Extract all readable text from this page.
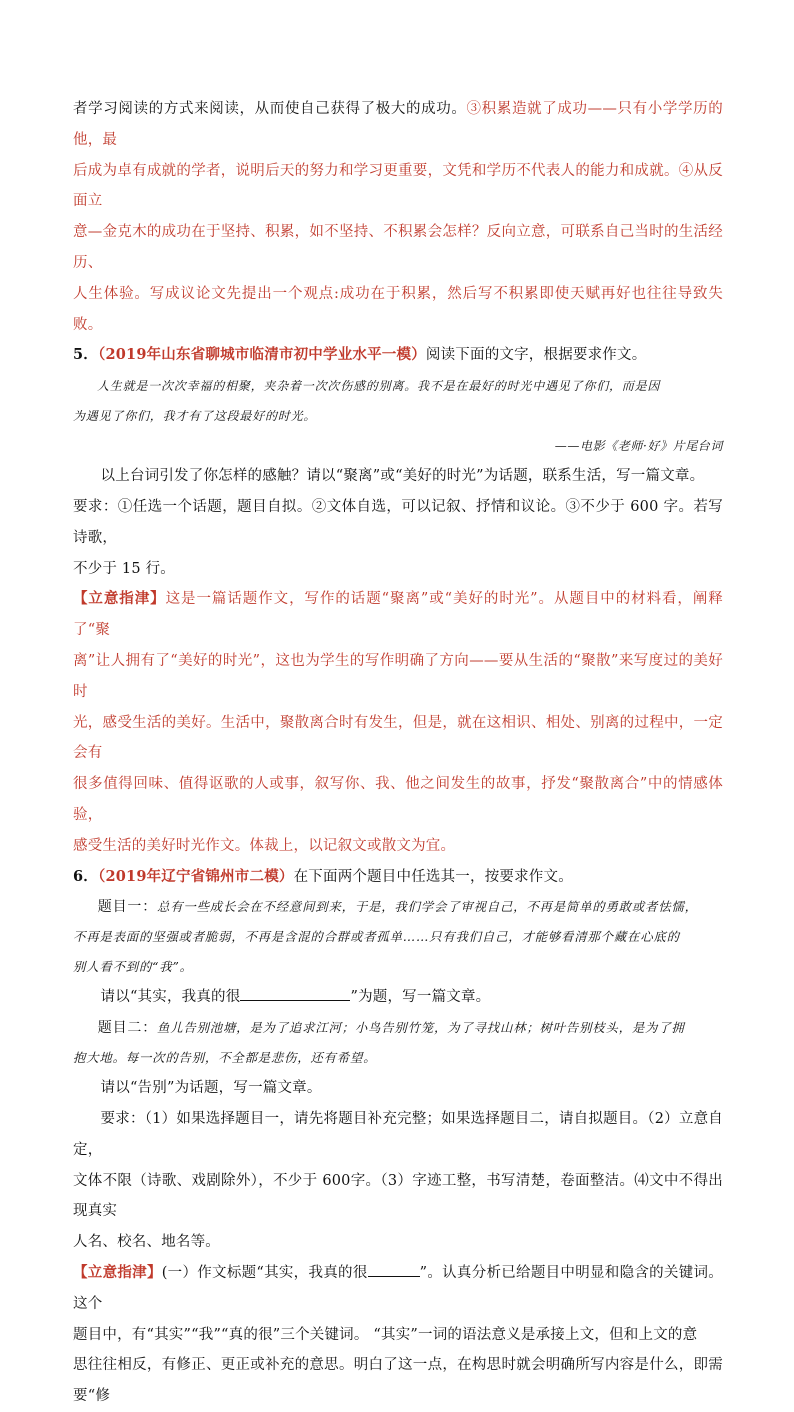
者学习阅读的方式来阅读，从而使自己获得了极大的成功。③积累造就了成功——只有小学学历的他，最
后成为卓有成就的学者，说明后天的努力和学习更重要，文凭和学历不代表人的能力和成就。④从反面立
意—金克木的成功在于坚持、积累，如不坚持、不积累会怎样？反向立意，可联系自己当时的生活经历、
人生体验。写成议论文先提出一个观点:成功在于积累，然后写不积累即使天赋再好也往往导致失败。

5．（2019年山东省聊城市临清市初中学业水平一模）阅读下面的文字，根据要求作文。

人生就是一次次幸福的相聚，夹杂着一次次伤感的别离。我不是在最好的时光中遇见了你们，而是因
为遇见了你们，我才有了这段最好的时光。

——电影《老师·好》片尾台词

以上台词引发了你怎样的感触？请以“聚离”或“美好的时光”为话题，联系生活，写一篇文章。

要求：①任选一个话题，题目自拟。②文体自选，可以记叙、抒情和议论。③不少于 600 字。若写诗歌，
不少于 15 行。

【立意指津】这是一篇话题作文，写作的话题“聚离”或“美好的时光”。从题目中的材料看，阐释了“聚
离”让人拥有了“美好的时光”，这也为学生的写作明确了方向——要从生活的“聚散”来写度过的美好时
光，感受生活的美好。生活中，聚散离合时有发生，但是，就在这相识、相处、别离的过程中，一定会有
很多值得回味、值得讴歌的人或事，叙写你、我、他之间发生的故事，抒发“聚散离合”中的情感体验，
感受生活的美好时光作文。体裁上，以记叙文或散文为宜。

6．（2019年辽宁省锦州市二模）在下面两个题目中任选其一，按要求作文。

题目一：总有一些成长会在不经意间到来，于是，我们学会了审视自己，不再是简单的勇敢或者怯懦，

不再是表面的坚强或者脆弱，不再是含混的合群或者孤单……只有我们自己，才能够看清那个藏在心底的
别人看不到的“我”。

请以“其实，我真的很	”为题，写一篇文章。

题目二：鱼儿告别池塘，是为了追求江河；小鸟告别竹笼，为了寻找山林；树叶告别枝头，是为了拥

抱大地。每一次的告别，不全都是悲伤，还有希望。

请以“告别”为话题，写一篇文章。

要求：（1）如果选择题目一，请先将题目补充完整；如果选择题目二，请自拟题目。（2）立意自定，
文体不限（诗歌、戏剧除外），不少于 600字。（3）字迹工整，书写清楚，卷面整洁。⑷文中不得出现真实
人名、校名、地名等。

【立意指津】(一）作文标题“其实，我真的很	”。认真分析已给题目中明显和隐含的关键词。这个
题目中，有“其实”“我”“真的很”三个关键词。 “其实”一词的语法意义是承接上文，但和上文的意
思往往相反，有修正、更正或补充的意思。明白了这一点，在构思时就会明确所写内容是什么，即需要“修
